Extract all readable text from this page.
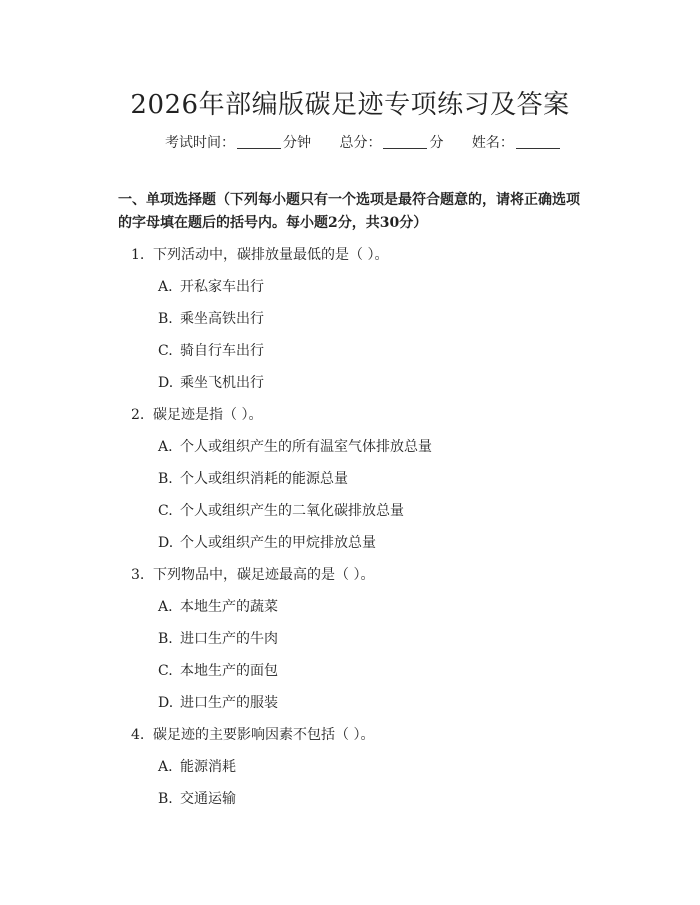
2026年部编版碳足迹专项练习及答案
考试时间：	分钟 总分：	分 姓名：
一、单项选择题（下列每小题只有一个选项是最符合题意的，请将正确选项的字母填在题后的括号内。每小题2分，共30分）
1. 下列活动中，碳排放量最低的是（ ）。
A. 开私家车出行
B. 乘坐高铁出行
C. 骑自行车出行
D. 乘坐飞机出行
2. 碳足迹是指（ ）。
A. 个人或组织产生的所有温室气体排放总量
B. 个人或组织消耗的能源总量
C. 个人或组织产生的二氧化碳排放总量
D. 个人或组织产生的甲烷排放总量
3. 下列物品中，碳足迹最高的是（ ）。
A. 本地生产的蔬菜
B. 进口生产的牛肉
C. 本地生产的面包
D. 进口生产的服装
4. 碳足迹的主要影响因素不包括（ ）。
A. 能源消耗
B. 交通运输
